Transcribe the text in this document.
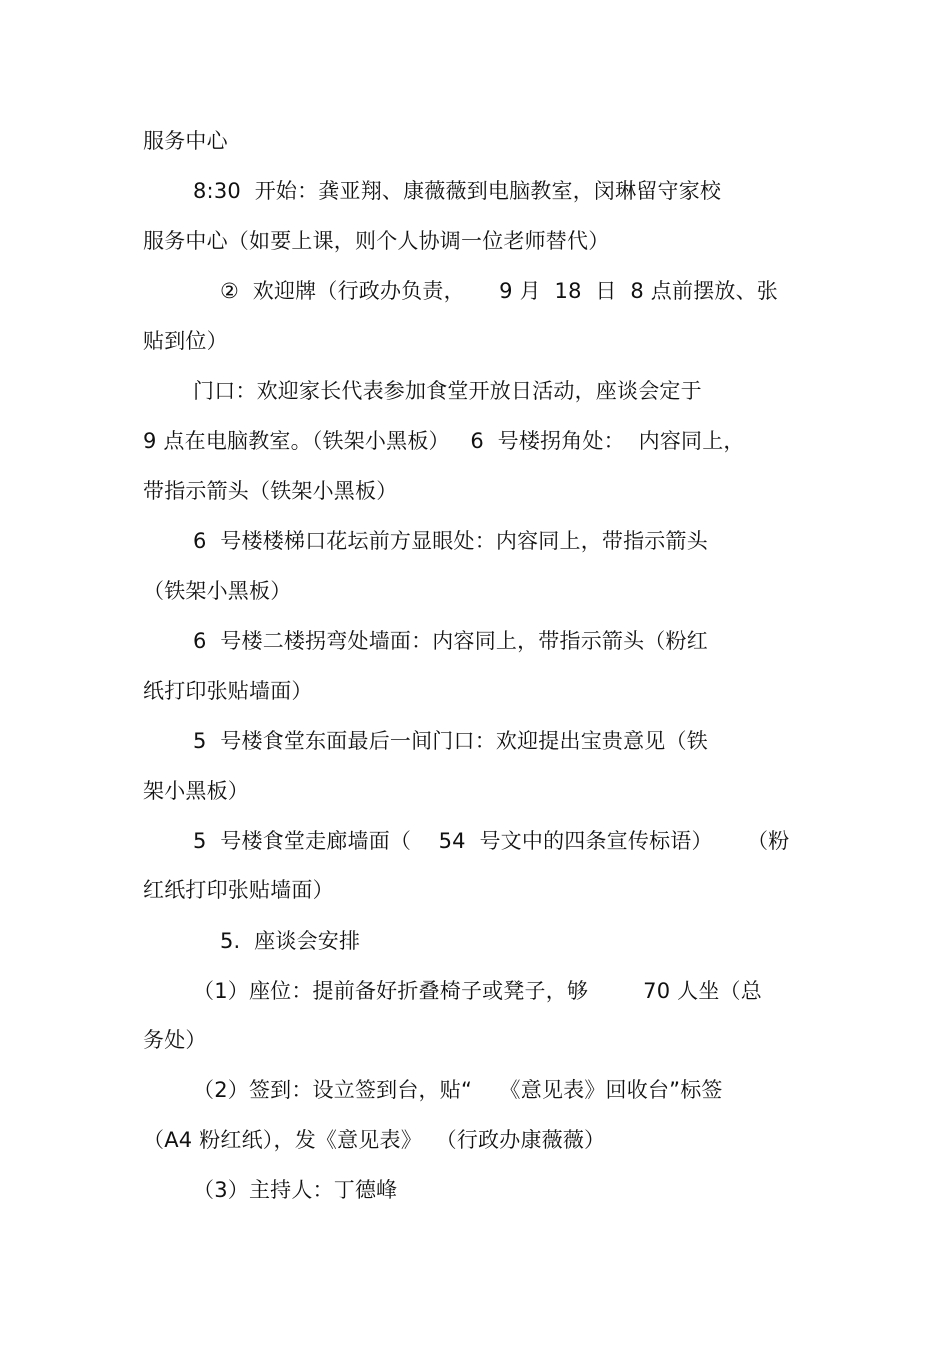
服务中心
8:30  开始：龚亚翔、康薇薇到电脑教室，闵琳留守家校
服务中心（如要上课，则个人协调一位老师替代）
②  欢迎牌（行政办负责，     9 月  18  日  8 点前摆放、张
贴到位）
门口：欢迎家长代表参加食堂开放日活动，座谈会定于
9 点在电脑教室。（铁架小黑板）   6  号楼拐角处：  内容同上，
带指示箭头（铁架小黑板）
6  号楼楼梯口花坛前方显眼处：内容同上，带指示箭头
（铁架小黑板）
6  号楼二楼拐弯处墙面：内容同上，带指示箭头（粉红
纸打印张贴墙面）
5  号楼食堂东面最后一间门口：欢迎提出宝贵意见（铁
架小黑板）
5  号楼食堂走廊墙面（    54  号文中的四条宣传标语）     （粉
红纸打印张贴墙面）
5.  座谈会安排
（1）座位：提前备好折叠椅子或凳子，够        70 人坐（总
务处）
（2）签到：设立签到台，贴“    《意见表》回收台”标签
（A4 粉红纸），发《意见表》  （行政办康薇薇）
（3）主持人：丁德峰
